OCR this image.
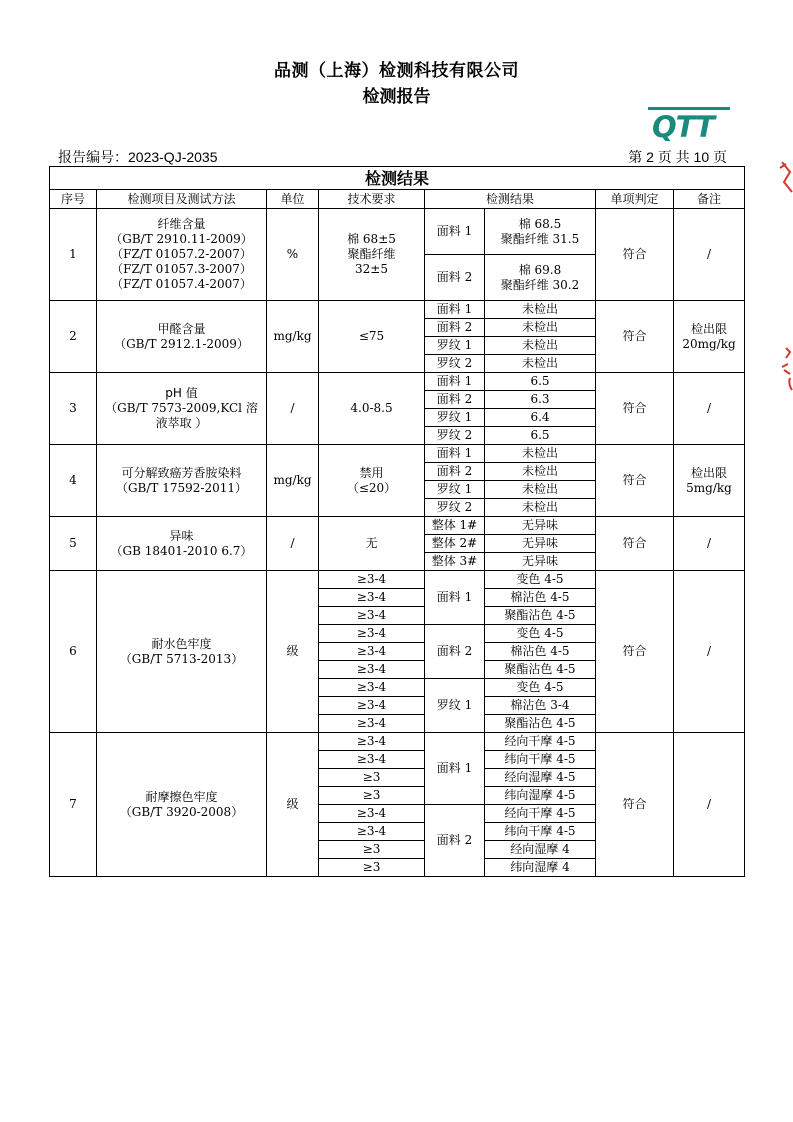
品测（上海）检测科技有限公司
检测报告
QTT
报告编号：2023-QJ-2035	第 2 页 共 10 页
检测结果							
序号	检测项目及测试方法	单位	技术要求	检测结果		单项判定	备注
1	纤维含量
（GB/T 2910.11-2009）
（FZ/T 01057.2-2007）
（FZ/T 01057.3-2007）
（FZ/T 01057.4-2007）	%	棉 68±5
聚酯纤维
32±5	面料 1	棉 68.5
聚酯纤维 31.5	符合	/
				面料 2	棉 69.8
聚酯纤维 30.2		

2	甲醛含量
（GB/T 2912.1-2009）	mg/kg	≤75	面料 1	未检出	符合	检出限
20mg/kg

				面料 2	未检出		
				罗纹 1	未检出		
				罗纹 2	未检出		
3	pH 值
（GB/T 7573-2009,KCl 溶
液萃取 ）	/	4.0-8.5	面料 1	6.5	符合	/
				面料 2	6.3		
				罗纹 1	6.4		
				罗纹 2	6.5		
4	可分解致癌芳香胺染料
（GB/T 17592-2011）	mg/kg	禁用
（≤20）	面料 1	未检出	符合	检出限
5mg/kg

				面料 2	未检出		
				罗纹 1	未检出		
				罗纹 2	未检出		
5	异味
（GB 18401-2010 6.7）	/	无	整体 1#	无异味	符合	/
				整体 2#	无异味		
				整体 3#	无异味		
6	耐水色牢度
（GB/T 5713-2013）	级	≥3-4	面料 1	变色 4-5	符合	/
			≥3-4		棉沾色 4-5		
			≥3-4		聚酯沾色 4-5		
			≥3-4	面料 2	变色 4-5		
			≥3-4		棉沾色 4-5		
			≥3-4		聚酯沾色 4-5		
			≥3-4	罗纹 1	变色 4-5		
			≥3-4		棉沾色 3-4		
			≥3-4		聚酯沾色 4-5		
7	耐摩擦色牢度
（GB/T 3920-2008）	级	≥3-4	面料 1	经向干摩 4-5	符合	/
			≥3-4		纬向干摩 4-5		
			≥3		经向湿摩 4-5		
			≥3		纬向湿摩 4-5		
			≥3-4	面料 2	经向干摩 4-5		
			≥3-4		纬向干摩 4-5		
			≥3		经向湿摩 4		
			≥3		纬向湿摩 4		
